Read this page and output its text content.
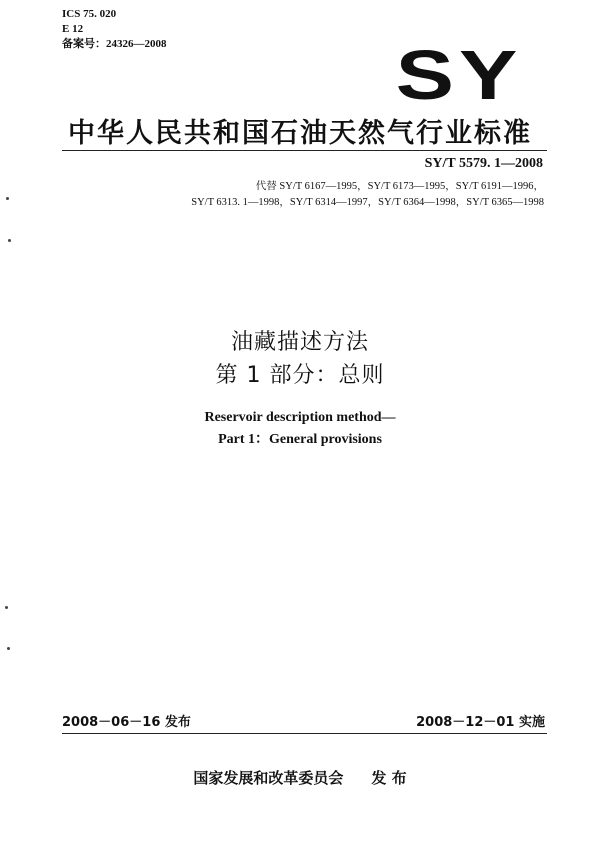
ICS 75. 020
E 12
备案号：24326—2008	SY
中华人民共和国石油天然气行业标准
SY/T 5579. 1—2008
代替 SY/T 6167—1995，SY/T 6173—1995，SY/T 6191—1996，
SY/T 6313. 1—1998，SY/T 6314—1997，SY/T 6364—1998，SY/T 6365—1998
油藏描述方法
第 1 部分：总则
Reservoir description method—
Part 1：General provisions
2008－06－16 发布	2008－12－01 实施
国家发展和改革委员会 发 布
